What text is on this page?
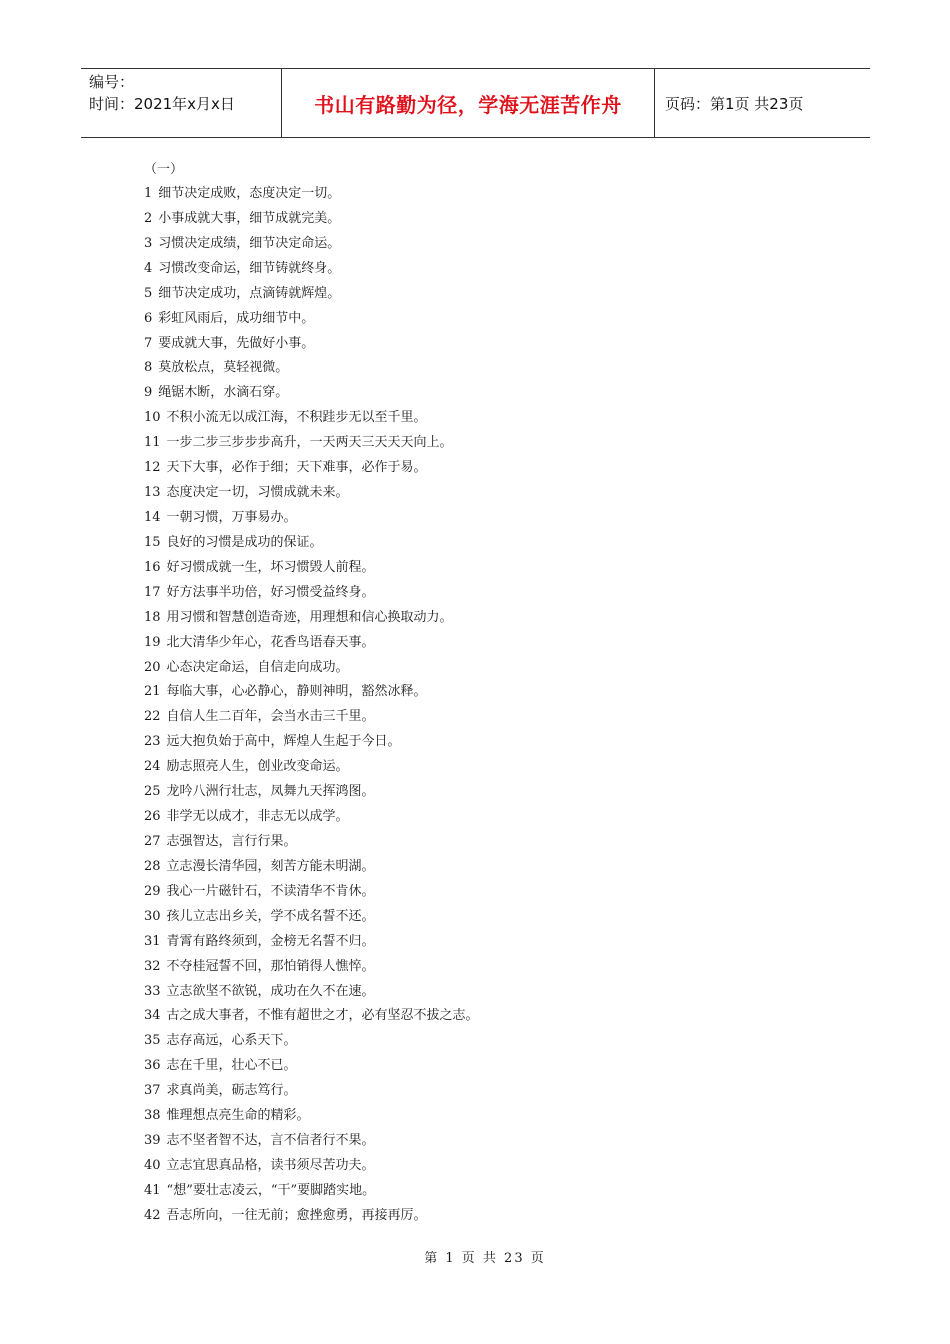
编号：
时间：2021年x月x日	书山有路勤为径，学海无涯苦作舟	页码：第1页 共23页
（一）
1 细节决定成败，态度决定一切。
2 小事成就大事，细节成就完美。
3 习惯决定成绩，细节决定命运。
4 习惯改变命运，细节铸就终身。
5 细节决定成功，点滴铸就辉煌。
6 彩虹风雨后，成功细节中。
7 要成就大事，先做好小事。
8 莫放松点，莫轻视微。
9 绳锯木断，水滴石穿。
10 不积小流无以成江海，不积跬步无以至千里。
11 一步二步三步步步高升，一天两天三天天天向上。
12 天下大事，必作于细；天下难事，必作于易。
13 态度决定一切，习惯成就未来。
14 一朝习惯，万事易办。
15 良好的习惯是成功的保证。
16 好习惯成就一生，坏习惯毁人前程。
17 好方法事半功倍，好习惯受益终身。
18 用习惯和智慧创造奇迹，用理想和信心换取动力。
19 北大清华少年心，花香鸟语春天事。
20 心态决定命运，自信走向成功。
21 每临大事，心必静心，静则神明，豁然冰释。
22 自信人生二百年，会当水击三千里。
23 远大抱负始于高中，辉煌人生起于今日。
24 励志照亮人生，创业改变命运。
25 龙吟八洲行壮志，凤舞九天挥鸿图。
26 非学无以成才，非志无以成学。
27 志强智达，言行行果。
28 立志漫长清华园，刻苦方能未明湖。
29 我心一片磁针石，不读清华不肯休。
30 孩儿立志出乡关，学不成名誓不还。
31 青霄有路终须到，金榜无名誓不归。
32 不夺桂冠誓不回，那怕销得人憔悴。
33 立志欲坚不欲锐，成功在久不在速。
34 古之成大事者，不惟有超世之才，必有坚忍不拔之志。
35 志存高远，心系天下。
36 志在千里，壮心不已。
37 求真尚美，砺志笃行。
38 惟理想点亮生命的精彩。
39 志不坚者智不达，言不信者行不果。
40 立志宜思真品格，读书须尽苦功夫。
41 “想”要壮志凌云，“干”要脚踏实地。
42 吾志所向，一往无前；愈挫愈勇，再接再厉。
第 1 页 共 23 页
